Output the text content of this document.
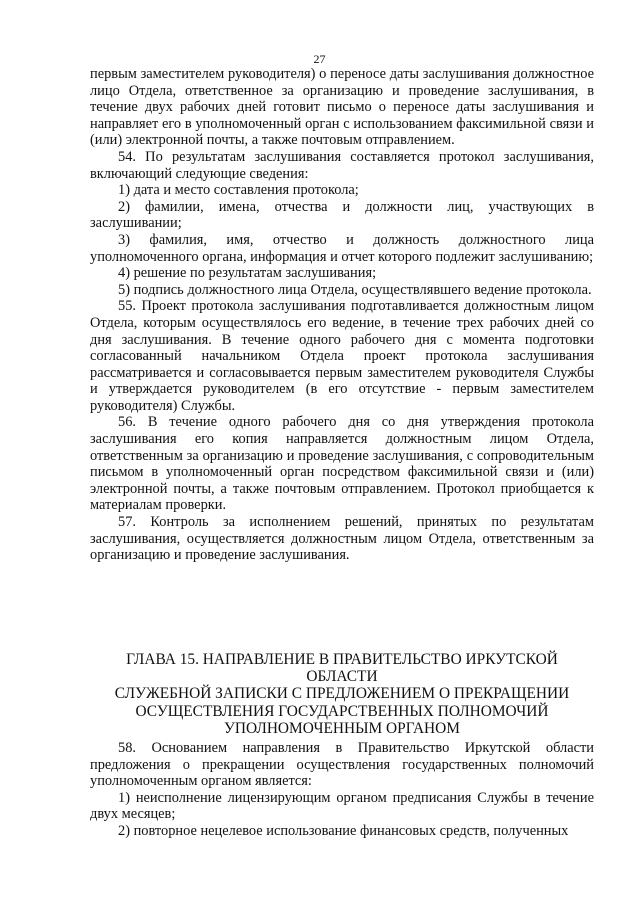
27

первым заместителем руководителя) о переносе даты заслушивания должностное лицо Отдела, ответственное за организацию и проведение заслушивания, в течение двух рабочих дней готовит письмо о переносе даты заслушивания и направляет его в уполномоченный орган с использованием факсимильной связи и (или) электронной почты, а также почтовым отправлением.

54. По результатам заслушивания составляется протокол заслушивания, включающий следующие сведения:

1) дата и место составления протокола;

2) фамилии, имена, отчества и должности лиц, участвующих в заслушивании;

3) фамилия, имя, отчество и должность должностного лица уполномоченного органа, информация и отчет которого подлежит заслушиванию;

4) решение по результатам заслушивания;

5) подпись должностного лица Отдела, осуществлявшего ведение протокола.

55. Проект протокола заслушивания подготавливается должностным лицом Отдела, которым осуществлялось его ведение, в течение трех рабочих дней со дня заслушивания. В течение одного рабочего дня с момента подготовки согласованный начальником Отдела проект протокола заслушивания рассматривается и согласовывается первым заместителем руководителя Службы и утверждается руководителем (в его отсутствие - первым заместителем руководителя) Службы.

56. В течение одного рабочего дня со дня утверждения протокола заслушивания его копия направляется должностным лицом Отдела, ответственным за организацию и проведение заслушивания, с сопроводительным письмом в уполномоченный орган посредством факсимильной связи и (или) электронной почты, а также почтовым отправлением. Протокол приобщается к материалам проверки.

57. Контроль за исполнением решений, принятых по результатам заслушивания, осуществляется должностным лицом Отдела, ответственным за организацию и проведение заслушивания.

ГЛАВА 15. НАПРАВЛЕНИЕ В ПРАВИТЕЛЬСТВО ИРКУТСКОЙ ОБЛАСТИ
СЛУЖЕБНОЙ ЗАПИСКИ С ПРЕДЛОЖЕНИЕМ О ПРЕКРАЩЕНИИ
ОСУЩЕСТВЛЕНИЯ ГОСУДАРСТВЕННЫХ ПОЛНОМОЧИЙ
УПОЛНОМОЧЕННЫМ ОРГАНОМ

58. Основанием направления в Правительство Иркутской области предложения о прекращении осуществления государственных полномочий уполномоченным органом является:

1) неисполнение лицензирующим органом предписания Службы в течение двух месяцев;

2) повторное нецелевое использование финансовых средств, полученных
